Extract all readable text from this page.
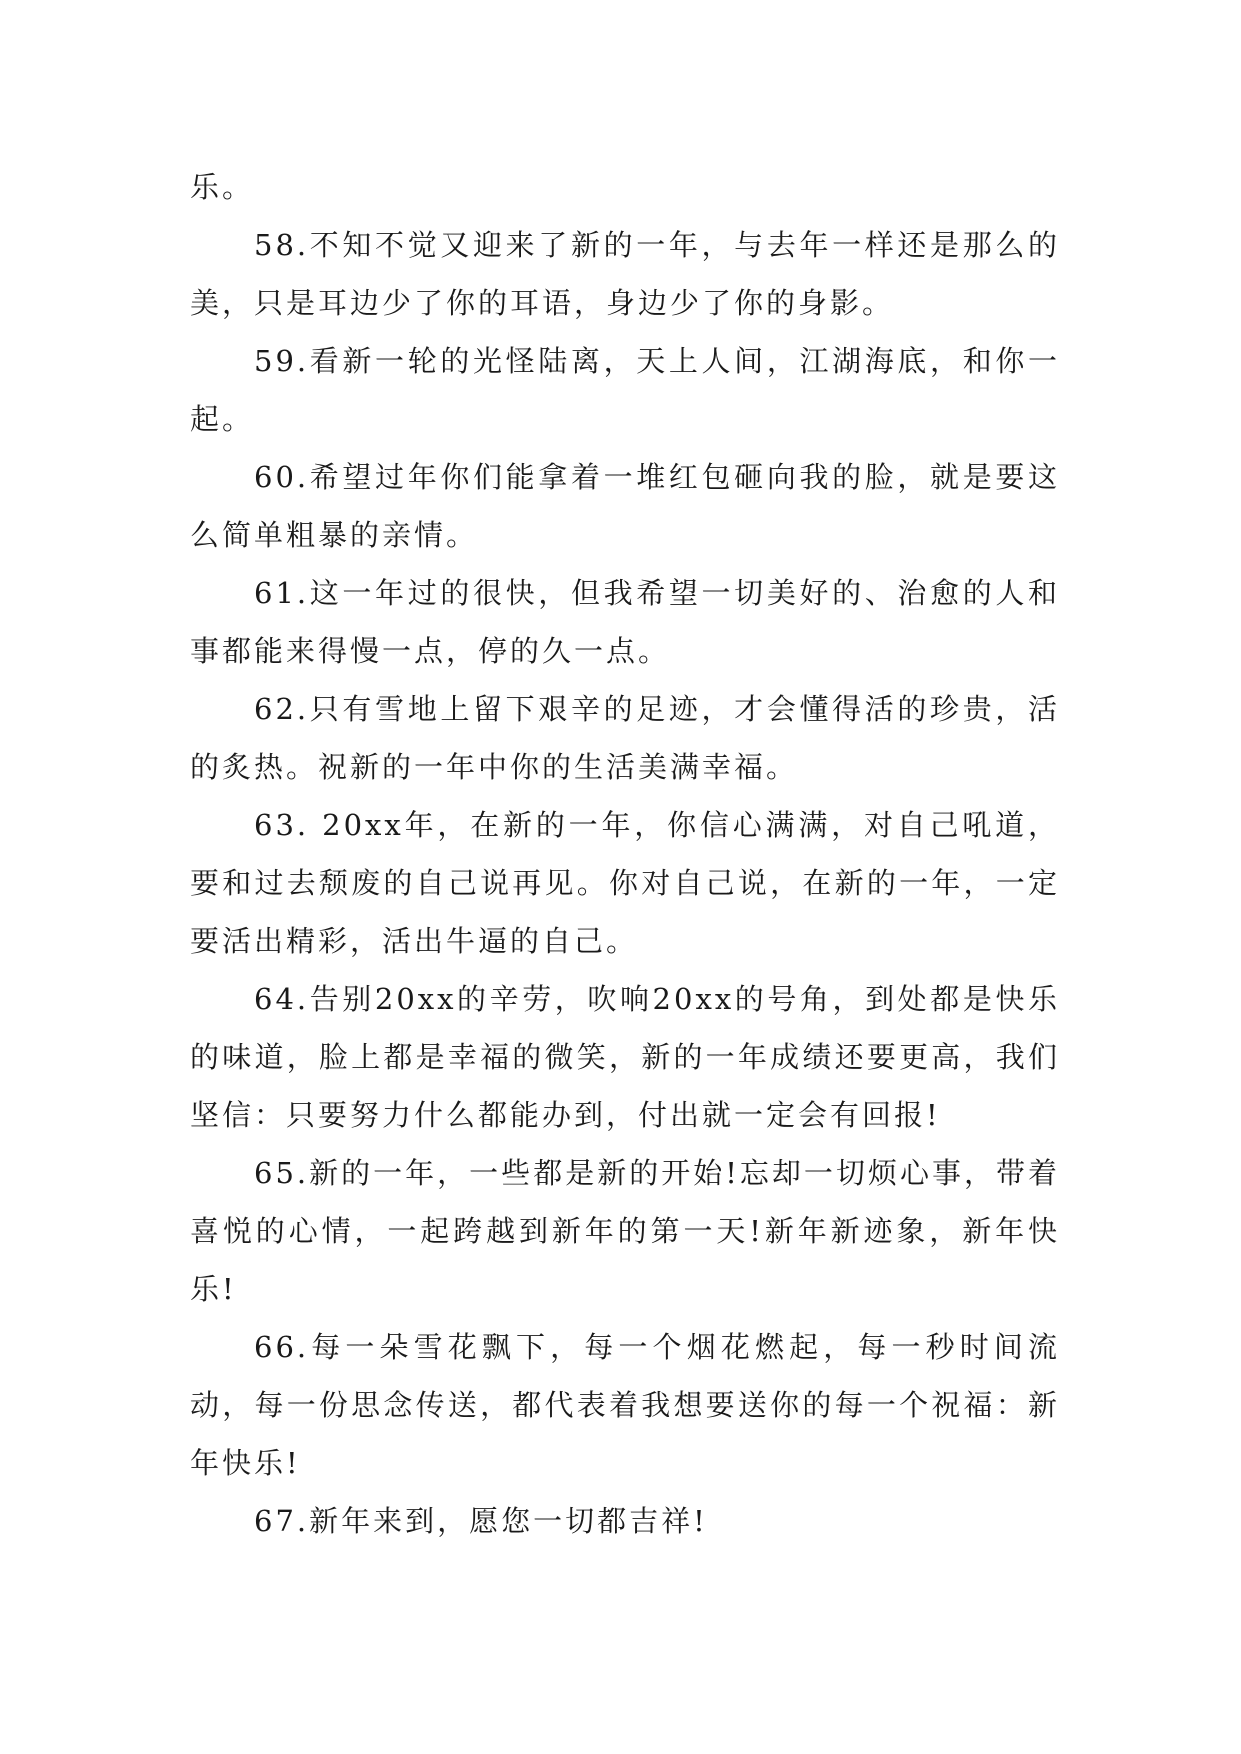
乐。

58.不知不觉又迎来了新的一年，与去年一样还是那么的美，只是耳边少了你的耳语，身边少了你的身影。

59.看新一轮的光怪陆离，天上人间，江湖海底，和你一起。

60.希望过年你们能拿着一堆红包砸向我的脸，就是要这么简单粗暴的亲情。

61.这一年过的很快，但我希望一切美好的、治愈的人和事都能来得慢一点，停的久一点。

62.只有雪地上留下艰辛的足迹，才会懂得活的珍贵，活的炙热。祝新的一年中你的生活美满幸福。

63. 20xx年，在新的一年，你信心满满，对自己吼道，要和过去颓废的自己说再见。你对自己说，在新的一年，一定要活出精彩，活出牛逼的自己。

64.告别20xx的辛劳，吹响20xx的号角，到处都是快乐的味道，脸上都是幸福的微笑，新的一年成绩还要更高，我们坚信：只要努力什么都能办到，付出就一定会有回报!

65.新的一年，一些都是新的开始!忘却一切烦心事，带着喜悦的心情，一起跨越到新年的第一天!新年新迹象，新年快乐!

66.每一朵雪花飘下，每一个烟花燃起，每一秒时间流动，每一份思念传送，都代表着我想要送你的每一个祝福：新年快乐!

67.新年来到，愿您一切都吉祥!
